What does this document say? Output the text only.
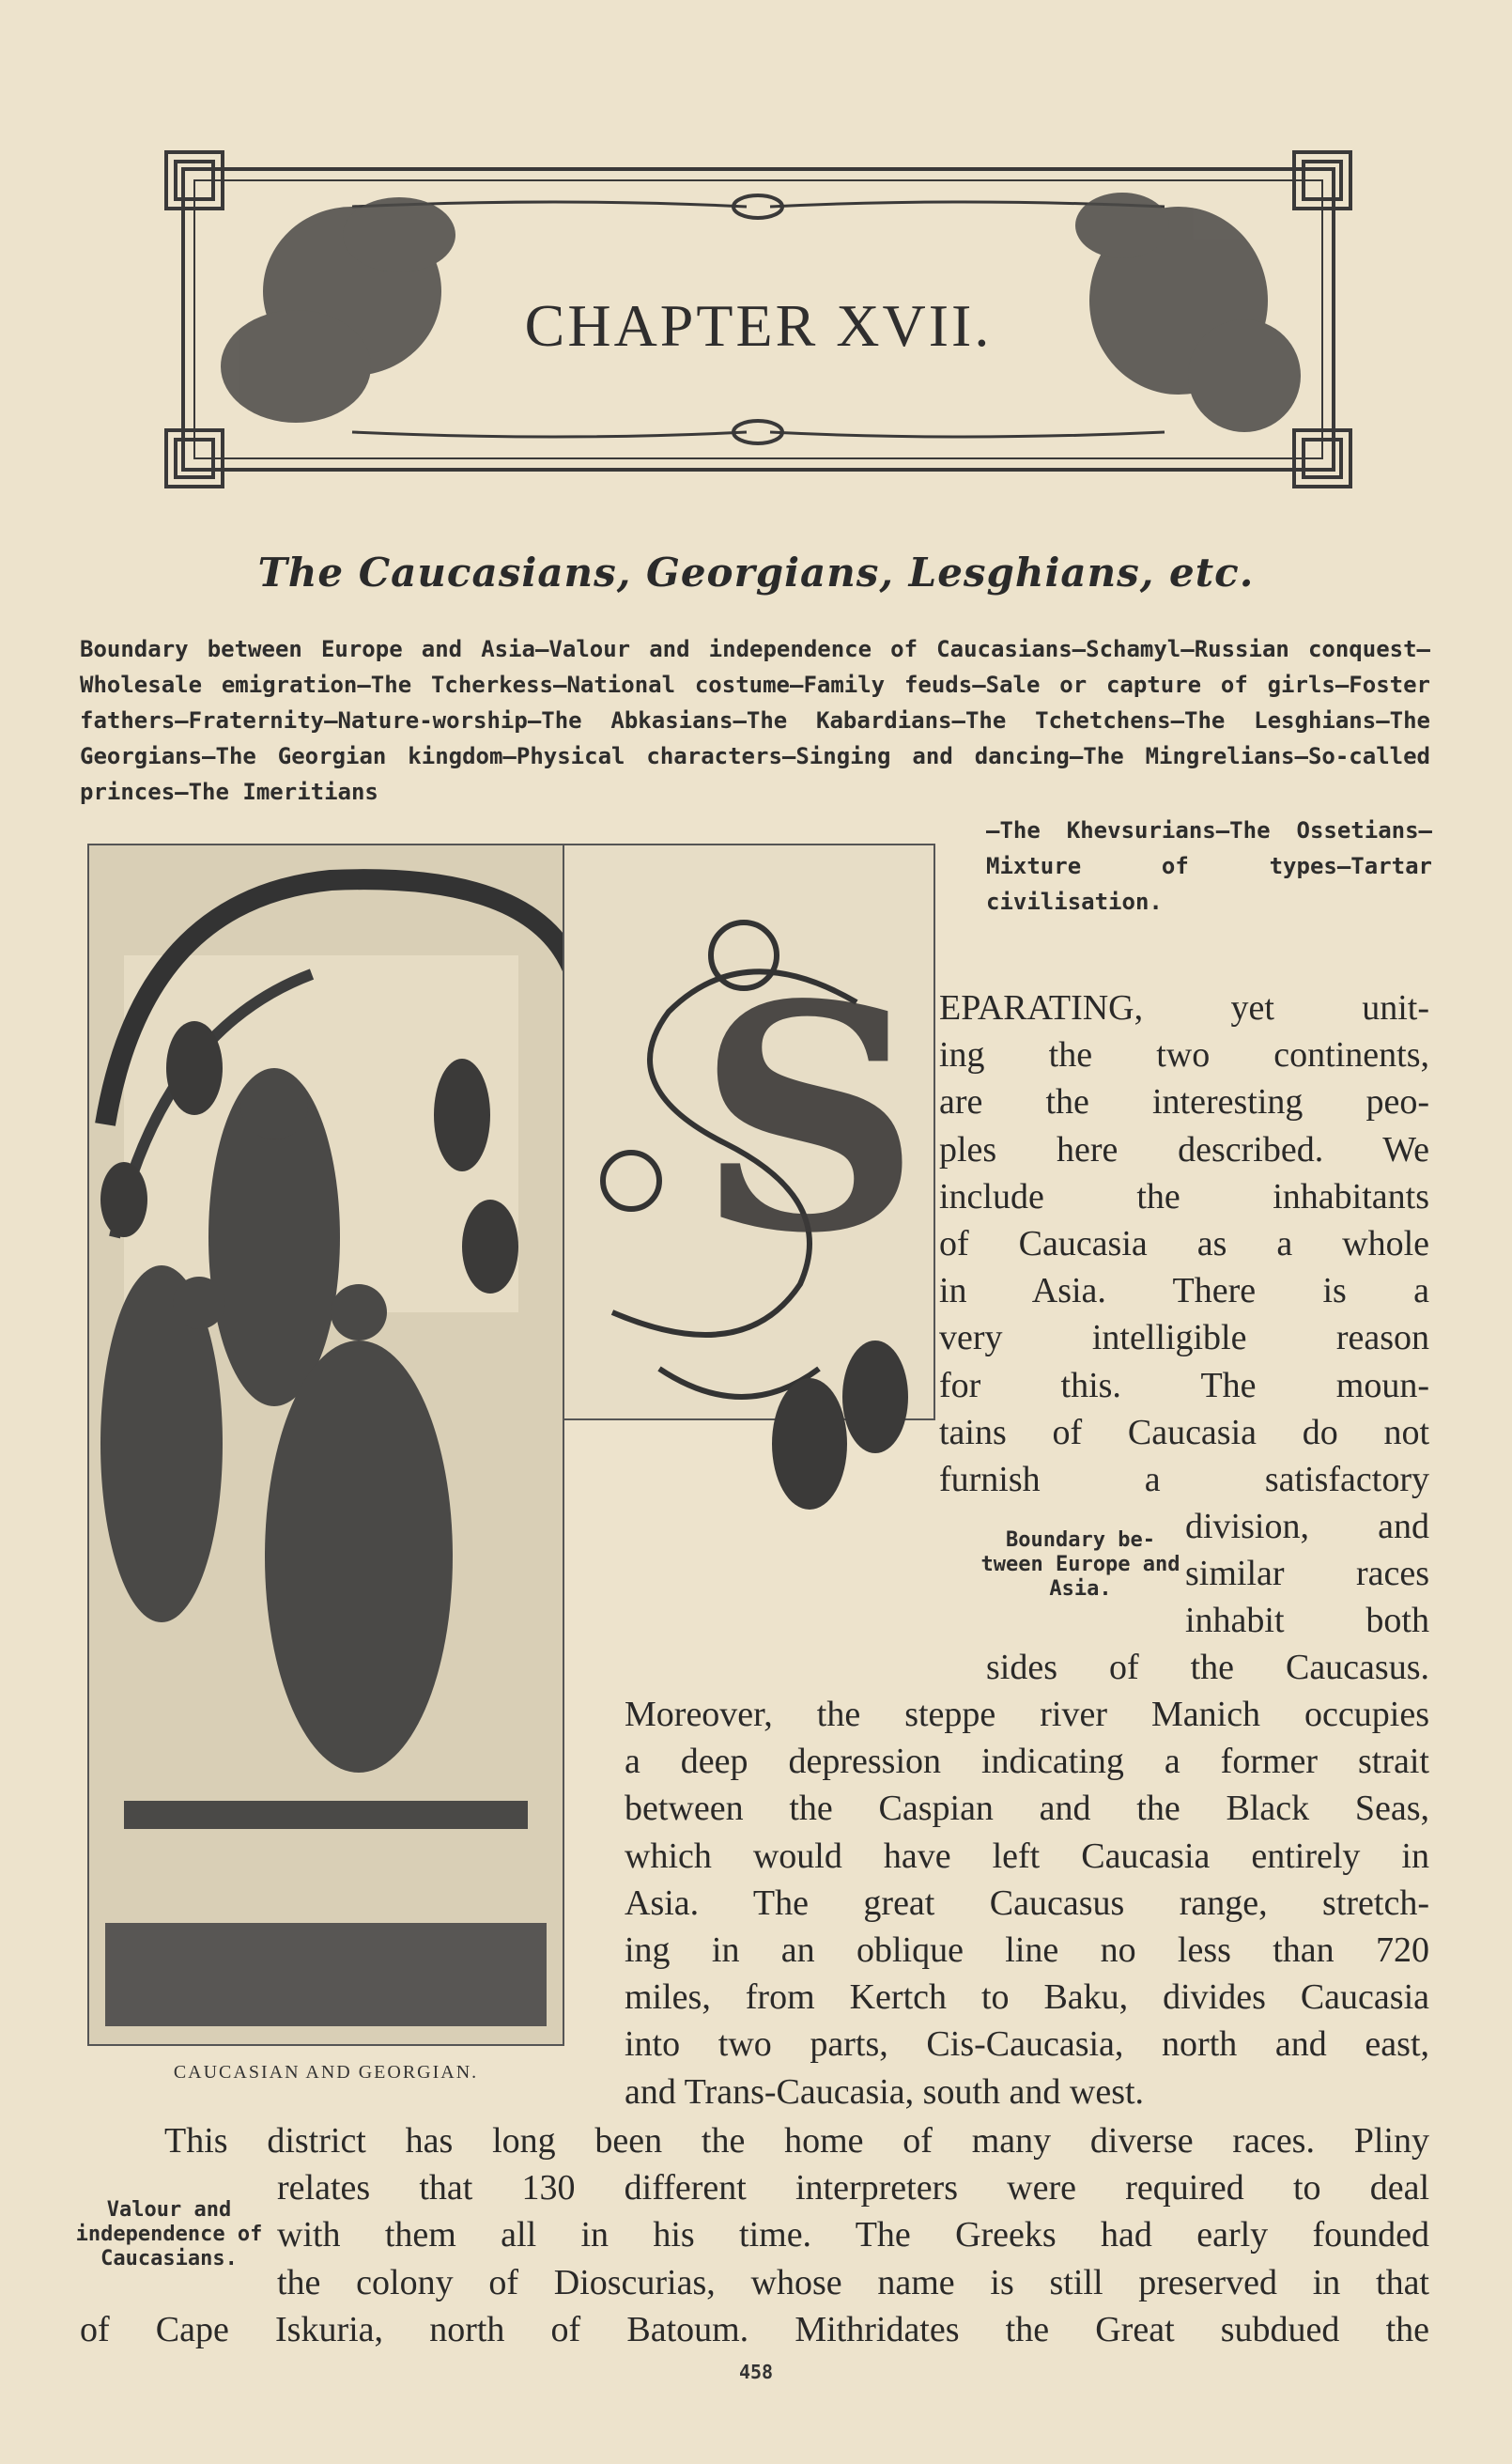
CHAPTER XVII.
The Caucasians, Georgians, Lesghians, etc.
Boundary between Europe and Asia—Valour and independence of Caucasians—Schamyl—Russian conquest—Wholesale emigration—The Tcherkess—National costume—Family feuds—Sale or capture of girls—Foster fathers—Fraternity—Nature-worship—The Abkasians—The Kabardians—The Tchetchens—The Lesghians—The Georgians—The Georgian kingdom—Physical characters—Singing and dancing—The Mingrelians—So-called princes—The Imeritians
—The Khevsurians—The Ossetians—Mixture of types—Tartar civilisation.
S
CAUCASIAN AND GEORGIAN.
EPARATING, yet unit-
ing the two continents,
are the interesting peo-
ples here described. We
include the inhabitants
of Caucasia as a whole
in Asia. There is a
very intelligible reason
for this. The moun-
tains of Caucasia do not
furnish a satisfactory
Boundary be-tween Europe and Asia.
division, and
similar races
inhabit both
sides of the Caucasus.
Moreover, the steppe river Manich occupies
a deep depression indicating a former strait
between the Caspian and the Black Seas,
which would have left Caucasia entirely in
Asia. The great Caucasus range, stretch-
ing in an oblique line no less than 720
miles, from Kertch to Baku, divides Caucasia
into two parts, Cis-Caucasia, north and east,
and Trans-Caucasia, south and west.
Valour and independence of Caucasians.
This district has long been the home of many diverse races. Pliny
relates that 130 different interpreters were required to deal
with them all in his time. The Greeks had early founded
the colony of Dioscurias, whose name is still preserved in that
of Cape Iskuria, north of Batoum. Mithridates the Great subdued the
458
